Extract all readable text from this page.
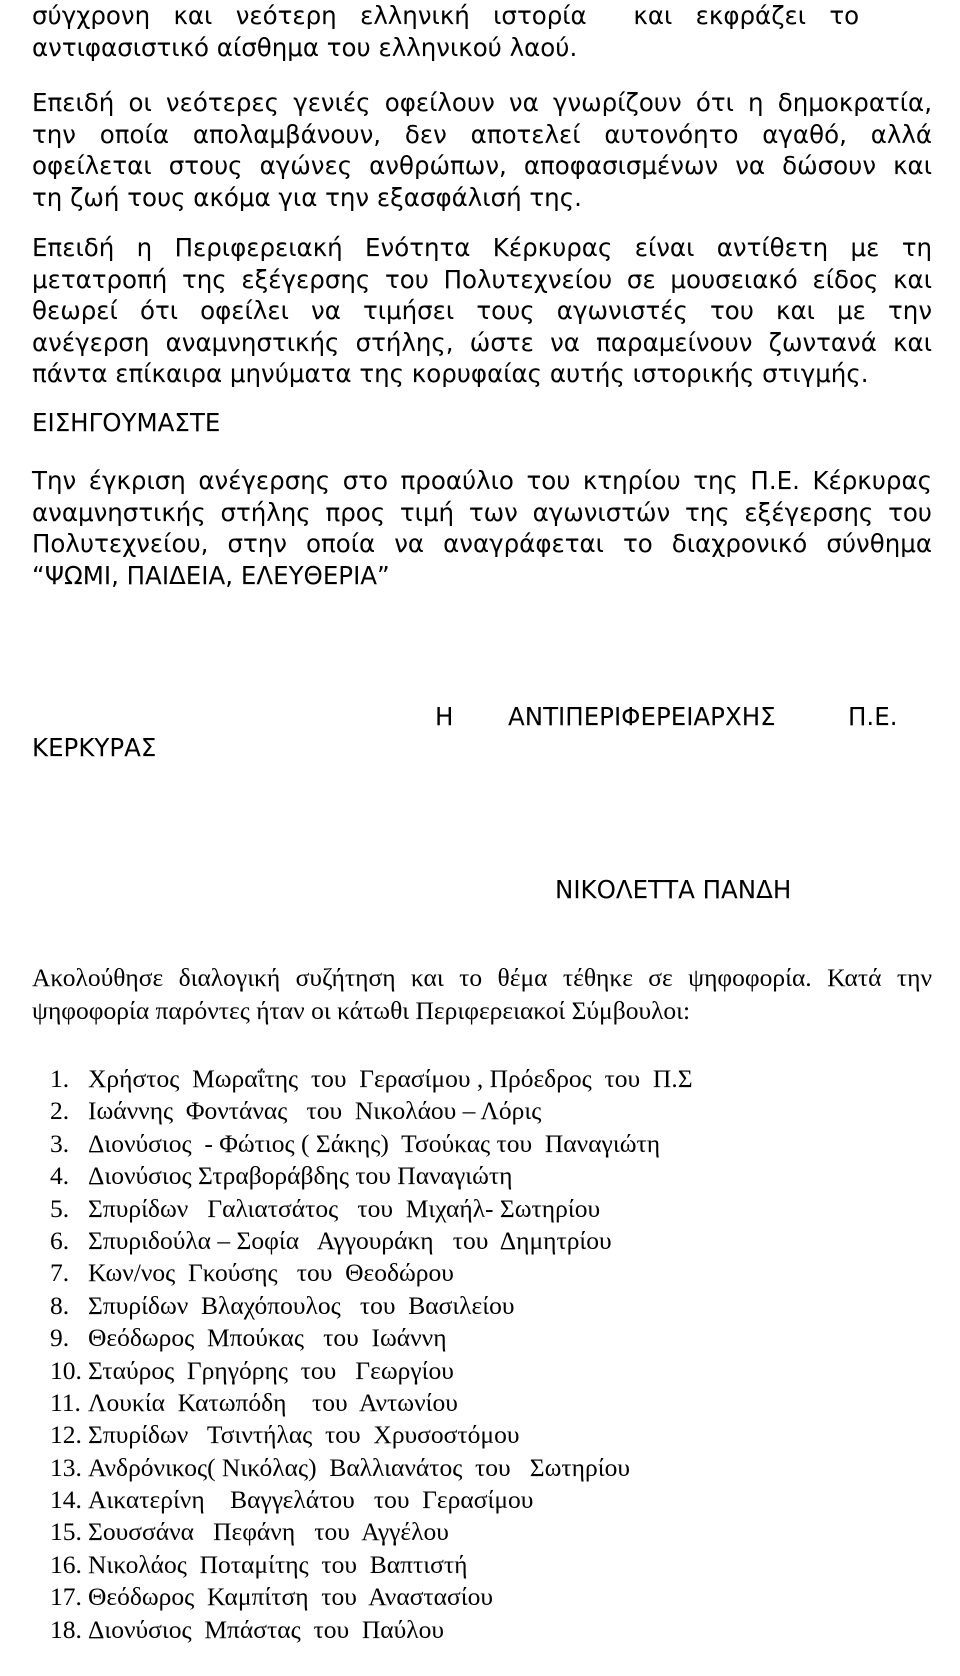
σύγχρονη   και   νεότερη   ελληνική   ιστορία      και   εκφράζει   το
αντιφασιστικό αίσθημα του ελληνικού λαού.
Επειδή οι νεότερες γενιές οφείλουν να γνωρίζουν ότι η δημοκρατία,
την οποία απολαμβάνουν, δεν αποτελεί αυτονόητο αγαθό, αλλά
οφείλεται στους αγώνες ανθρώπων, αποφασισμένων να δώσουν και
τη ζωή τους ακόμα για την εξασφάλισή της.
Επειδή η Περιφερειακή Ενότητα Κέρκυρας είναι αντίθετη με τη
μετατροπή της εξέγερσης του Πολυτεχνείου σε μουσειακό είδος και
θεωρεί ότι οφείλει να τιμήσει τους αγωνιστές του και με την
ανέγερση αναμνηστικής στήλης, ώστε να παραμείνουν ζωντανά και
πάντα επίκαιρα μηνύματα της κορυφαίας αυτής ιστορικής στιγμής.
ΕΙΣΗΓΟΥΜΑΣΤΕ
Την έγκριση ανέγερσης στο προαύλιο του κτηρίου της Π.Ε. Κέρκυρας
αναμνηστικής στήλης προς τιμή των αγωνιστών της εξέγερσης του
Πολυτεχνείου, στην οποία να αναγράφεται το διαχρονικό σύνθημα
“ΨΩΜΙ, ΠΑΙΔΕΙΑ, ΕΛΕΥΘΕΡΙΑ”
Η ΑΝΤΙΠΕΡΙΦΕΡΕΙΑΡΧΗΣ	Π.Ε.
ΚΕΡΚΥΡΑΣ
ΝΙΚΟΛΕΤΤΑ ΠΑΝΔΗ
Ακολούθησε διαλογική συζήτηση και το θέμα τέθηκε σε ψηφοφορία. Κατά την
ψηφοφορία παρόντες ήταν οι κάτωθι Περιφερειακοί Σύμβουλοι:
1. Χρήστος  Μωραΐτης  του  Γερασίμου , Πρόεδρος  του  Π.Σ
2. Ιωάννης  Φοντάνας   του  Νικολάου – Λόρις
3. Διονύσιος  - Φώτιος ( Σάκης)  Τσούκας του  Παναγιώτη
4. Διονύσιος Στραβοράβδης του Παναγιώτη
5. Σπυρίδων   Γαλιατσάτος   του  Μιχαήλ- Σωτηρίου
6. Σπυριδούλα – Σοφία   Αγγουράκη   του  Δημητρίου
7. Κων/νος  Γκούσης   του  Θεοδώρου
8. Σπυρίδων  Βλαχόπουλος   του  Βασιλείου
9. Θεόδωρος  Μπούκας   του  Ιωάννη
10. Σταύρος  Γρηγόρης  του   Γεωργίου
11. Λουκία  Κατωπόδη    του  Αντωνίου
12. Σπυρίδων   Τσιντήλας  του  Χρυσοστόμου
13. Ανδρόνικος( Νικόλας)  Βαλλιανάτος  του   Σωτηρίου
14. Αικατερίνη    Βαγγελάτου   του  Γερασίμου
15. Σουσσάνα   Πεφάνη   του  Αγγέλου
16. Νικολάος  Ποταμίτης  του  Βαπτιστή
17. Θεόδωρος  Καμπίτση  του  Αναστασίου
18. Διονύσιος  Μπάστας  του  Παύλου
